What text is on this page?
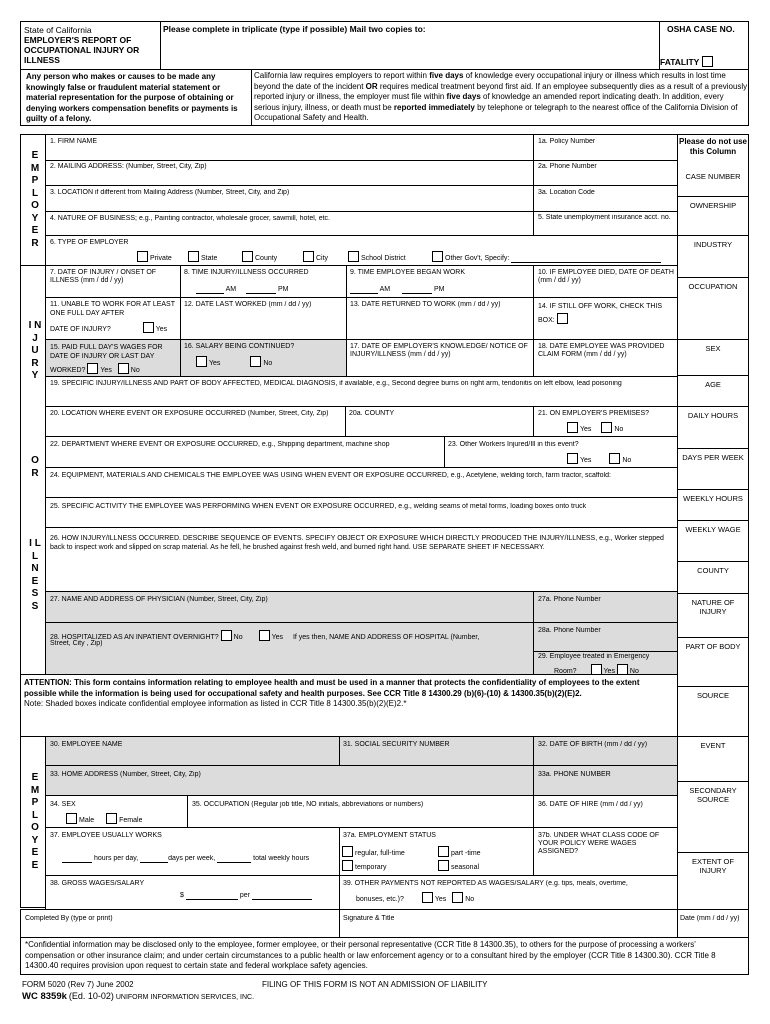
State of California
EMPLOYER'S REPORT OF OCCUPATIONAL INJURY OR ILLNESS
Please complete in triplicate (type if possible) Mail two copies to:	OSHA CASE NO.
FATALITY
Any person who makes or causes to be made any knowingly false or fraudulent material statement or material representation for the purpose of obtaining or denying workers compensation benefits or payments is guilty of a felony.
California law requires employers to report within five days of knowledge every occupational injury or illness which results in lost time beyond the date of the incident OR requires medical treatment beyond first aid. If an employee subsequently dies as a result of a previously reported injury or illness, the employer must file within five days of knowledge an amended report indicating death. In addition, every serious injury, illness, or death must be reported immediately by telephone or telegraph to the nearest office of the California Division of Occupational Safety and Health.
E M P L O Y E R
I N J U R Y
O R
I L L N E S S
E M P L O Y E E
Please do not use this Column
CASE NUMBER
OWNERSHIP
INDUSTRY
OCCUPATION
SEX
AGE
DAILY HOURS
DAYS PER WEEK
WEEKLY HOURS
WEEKLY WAGE
COUNTY
NATURE OF INJURY
PART OF BODY
SOURCE
EVENT
SECONDARY SOURCE
EXTENT OF INJURY
1. FIRM NAME	1a. Policy Number
2. MAILING ADDRESS: (Number, Street, City, Zip)	2a. Phone Number
3. LOCATION if different from Mailing Address (Number, Street, City, and Zip)	3a. Location Code
4. NATURE OF BUSINESS; e.g., Painting contractor, wholesale grocer, sawmill, hotel, etc.	5. State unemployment insurance acct. no.
6. TYPE OF EMPLOYER
Private	State	County	City	School District	Other Gov't, Specify:
7. DATE OF INJURY / ONSET OF ILLNESS (mm / dd / yy)
8. TIME INJURY/ILLNESS OCCURRED
AM	PM
9. TIME EMPLOYEE BEGAN WORK
AM	PM
10. IF EMPLOYEE DIED, DATE OF DEATH (mm / dd / yy)
11. UNABLE TO WORK FOR AT LEAST ONE FULL DAY AFTER
DATE OF INJURY?	Yes
12. DATE LAST WORKED (mm / dd / yy)	13. DATE RETURNED TO WORK (mm / dd / yy)	14. IF STILL OFF WORK, CHECK THIS BOX:
15. PAID FULL DAY'S WAGES FOR DATE OF INJURY OR LAST DAY
WORKED? Yes	No
16. SALARY BEING CONTINUED?
Yes	No
17. DATE OF EMPLOYER'S KNOWLEDGE/ NOTICE OF INJURY/ILLNESS (mm / dd / yy)
18. DATE EMPLOYEE WAS PROVIDED CLAIM FORM (mm / dd / yy)
19. SPECIFIC INJURY/ILLNESS AND PART OF BODY AFFECTED, MEDICAL DIAGNOSIS, if available, e.g., Second degree burns on right arm, tendonitis on left elbow, lead poisoning
20. LOCATION WHERE EVENT OR EXPOSURE OCCURRED (Number, Street, City, Zip)	20a. COUNTY	21. ON EMPLOYER'S PREMISES?
Yes	No
22. DEPARTMENT WHERE EVENT OR EXPOSURE OCCURRED, e.g., Shipping department, machine shop	23. Other Workers Injured/Ill in this event?
Yes	No
24. EQUIPMENT, MATERIALS AND CHEMICALS THE EMPLOYEE WAS USING WHEN EVENT OR EXPOSURE OCCURRED, e.g., Acetylene, welding torch, farm tractor, scaffold:
25. SPECIFIC ACTIVITY THE EMPLOYEE WAS PERFORMING WHEN EVENT OR EXPOSURE OCCURRED, e.g., welding seams of metal forms, loading boxes onto truck
26. HOW INJURY/ILLNESS OCCURRED. DESCRIBE SEQUENCE OF EVENTS. SPECIFY OBJECT OR EXPOSURE WHICH DIRECTLY PRODUCED THE INJURY/ILLNESS, e.g., Worker stepped back to inspect work and slipped on scrap material. As he fell, he brushed against fresh weld, and burned right hand. USE SEPARATE SHEET IF NECESSARY.
27. NAME AND ADDRESS OF PHYSICIAN (Number, Street, City, Zip)	27a. Phone Number
28. HOSPITALIZED AS AN INPATIENT OVERNIGHT? No	Yes If yes then, NAME AND ADDRESS OF HOSPITAL (Number,
Street, City , Zip)
28a. Phone Number
29. Employee treated in Emergency
Room?	Yes No
ATTENTION: This form contains information relating to employee health and must be used in a manner that protects the confidentiality of employees to the extent possible while the information is being used for occupational safety and health purposes. See CCR Title 8 14300.29 (b)(6)-(10) & 14300.35(b)(2)(E)2.
Note: Shaded boxes indicate confidential employee information as listed in CCR Title 8 14300.35(b)(2)(E)2.*
30. EMPLOYEE NAME	31. SOCIAL SECURITY NUMBER	32. DATE OF BIRTH (mm / dd / yy)
33. HOME ADDRESS (Number, Street, City, Zip)	33a. PHONE NUMBER
34. SEX
Male	Female
35. OCCUPATION (Regular job title, NO initials, abbreviations or numbers)	36. DATE OF HIRE (mm / dd / yy)
37. EMPLOYEE USUALLY WORKS
hours per day,	days per week,	total weekly hours
37a. EMPLOYMENT STATUS
regular, full-time	part -time
temporary	seasonal
37b. UNDER WHAT CLASS CODE OF YOUR POLICY WERE WAGES ASSIGNED?
38. GROSS WAGES/SALARY
$	per
39. OTHER PAYMENTS NOT REPORTED AS WAGES/SALARY (e.g. tips, meals, overtime,
bonuses, etc.)?	Yes	No
Completed By (type or print)	Signature & Title	Date (mm / dd / yy)
*Confidential information may be disclosed only to the employee, former employee, or their personal representative (CCR Title 8 14300.35), to others for the purpose of processing a workers' compensation or other insurance claim; and under certain circumstances to a public health or law enforcement agency or to a consultant hired by the employer (CCR Title 8 14300.30). CCR Title 8 14300.40 requires provision upon request to certain state and federal workplace safety agencies.
FORM 5020 (Rev 7) June 2002	FILING OF THIS FORM IS NOT AN ADMISSION OF LIABILITY
WC 8359k (Ed. 10-02) UNIFORM INFORMATION SERVICES, INC.
